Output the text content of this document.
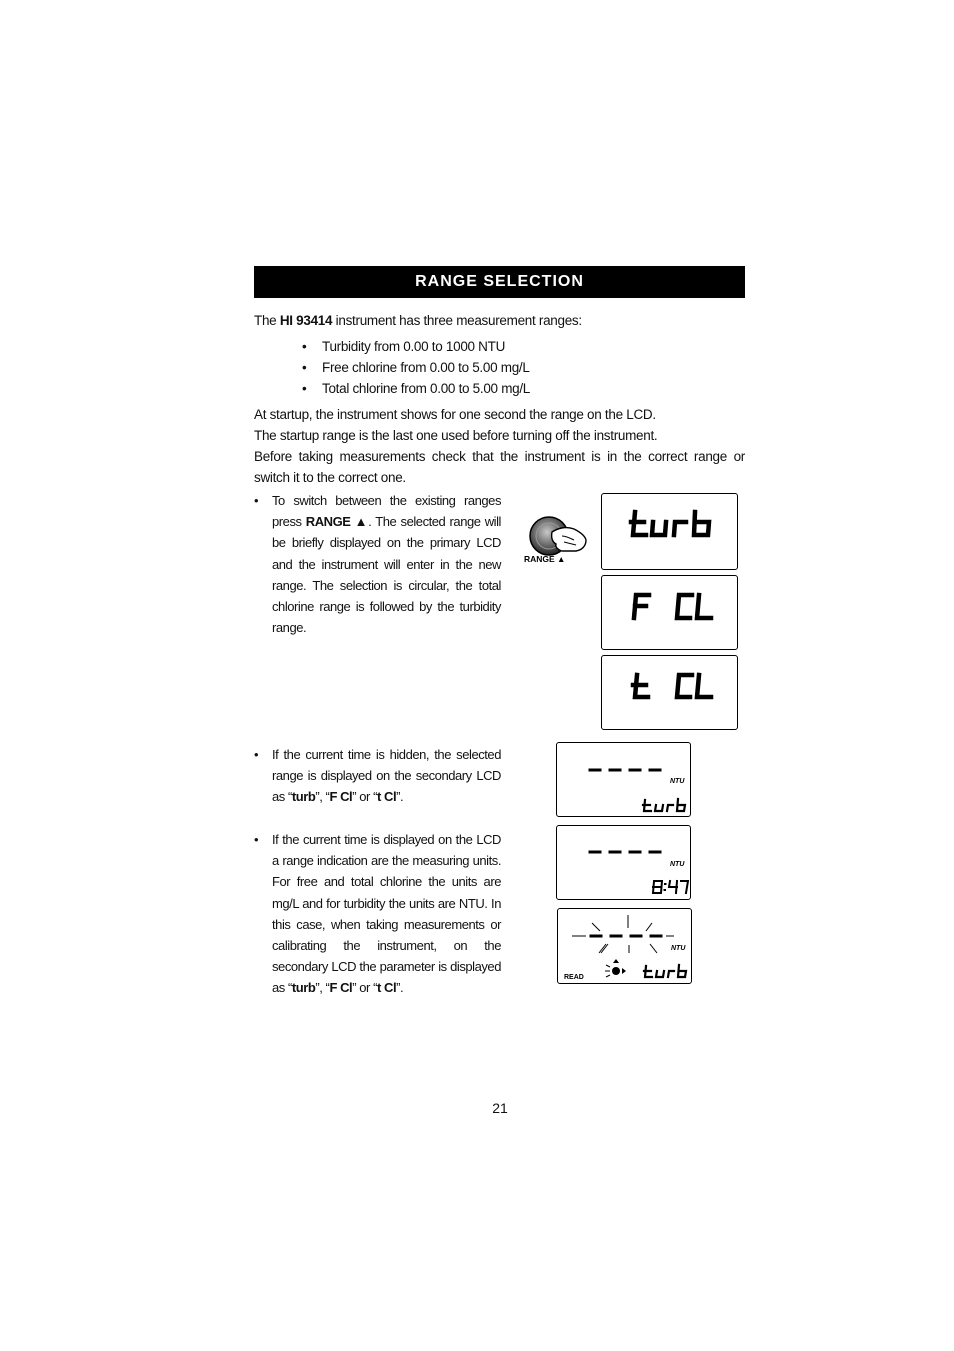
RANGE SELECTION
The HI 93414 instrument has three measurement ranges:
• Turbidity from 0.00 to 1000 NTU
• Free chlorine from 0.00 to 5.00 mg/L
• Total chlorine from 0.00 to 5.00 mg/L
At startup, the instrument shows for one second the range on the LCD.
The startup range is the last one used before turning off the instrument.
Before taking measurements check that the instrument is in the correct range or switch it to the correct one.
• To switch between the existing ranges press RANGE ▲. The selected range will be briefly displayed on the primary LCD and the instrument will enter in the new range. The selection is circular, the total chlorine range is followed by the turbidity range.
• If the current time is hidden, the selected range is displayed on the secondary LCD as “turb”, “F Cl” or “t Cl”.
• If the current time is displayed on the LCD a range indication are the measuring units. For free and total chlorine the units are mg/L and for turbidity the units are NTU. In this case, when taking measurements or calibrating the instrument, on the secondary LCD the parameter is displayed as “turb”, “F Cl” or “t Cl”.
RANGE ▲
NTU
NTU
NTU
READ
21
